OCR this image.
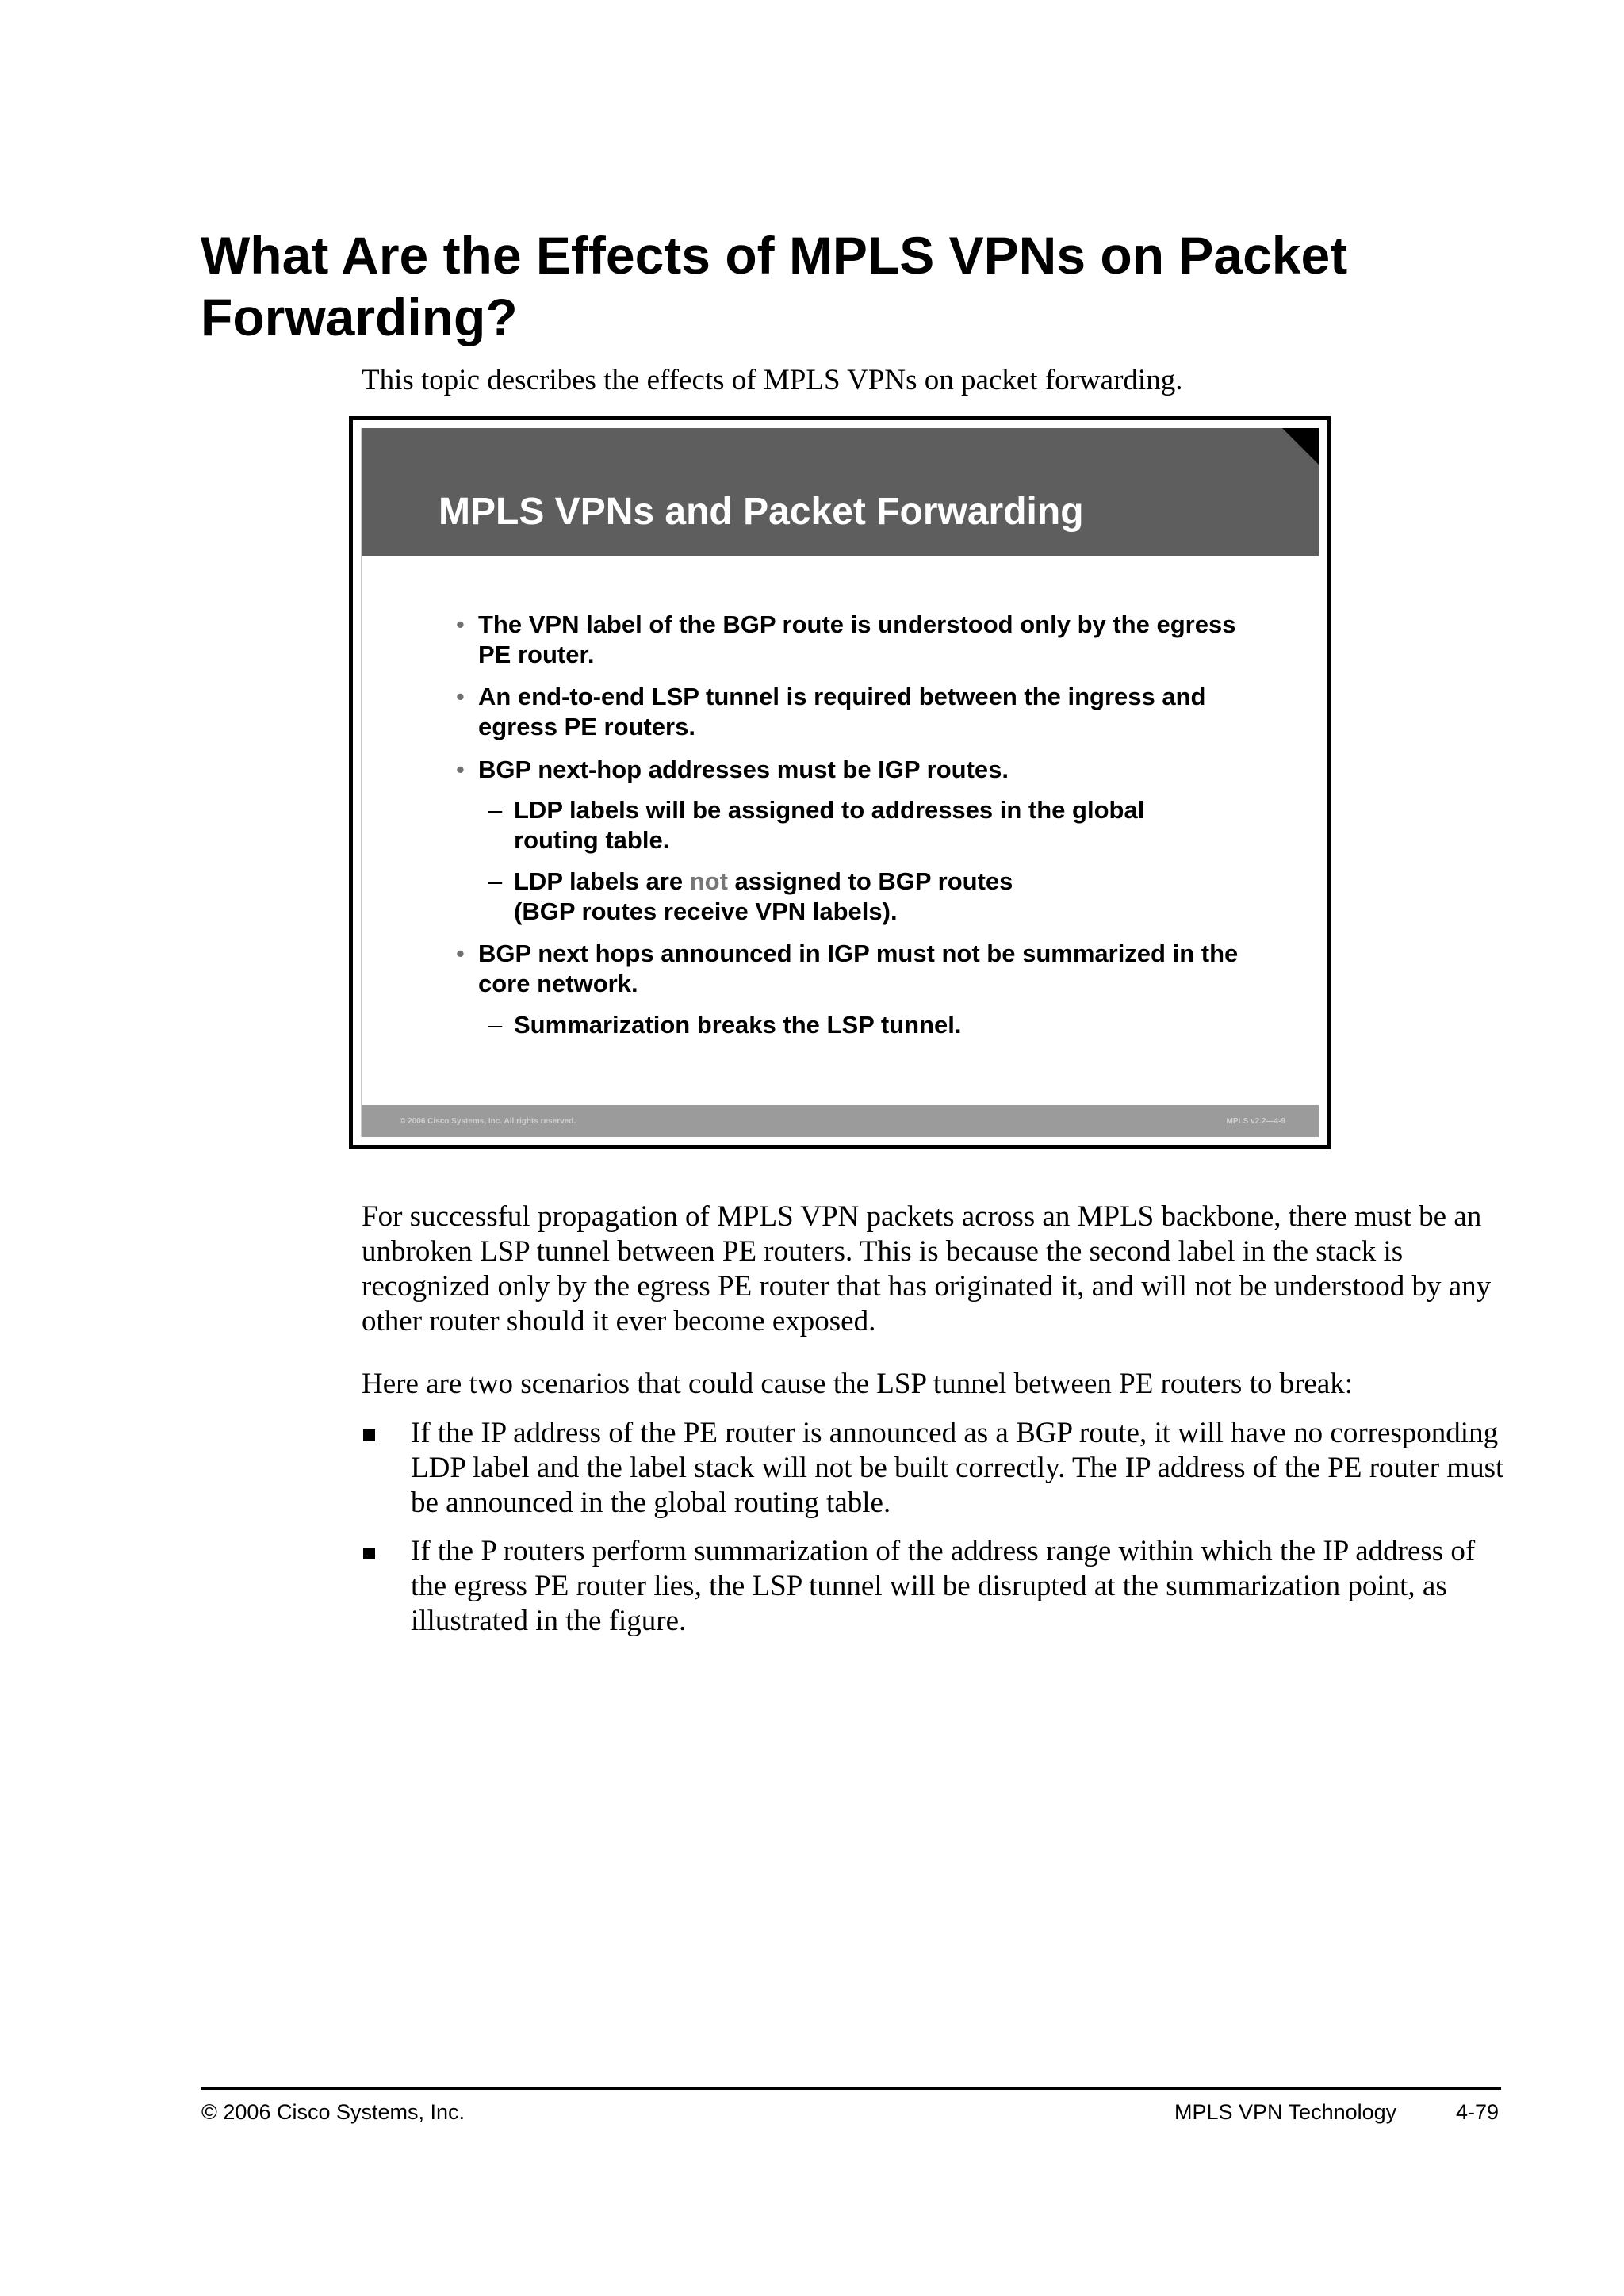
What Are the Effects of MPLS VPNs on Packet Forwarding?

This topic describes the effects of MPLS VPNs on packet forwarding.

MPLS VPNs and Packet Forwarding
• The VPN label of the BGP route is understood only by the egress PE router.
• An end-to-end LSP tunnel is required between the ingress and egress PE routers.
• BGP next-hop addresses must be IGP routes.
– LDP labels will be assigned to addresses in the global routing table.
– LDP labels are not assigned to BGP routes
(BGP routes receive VPN labels).
• BGP next hops announced in IGP must not be summarized in the core network.
– Summarization breaks the LSP tunnel.
© 2006 Cisco Systems, Inc. All rights reserved.	MPLS v2.2—4-9

For successful propagation of MPLS VPN packets across an MPLS backbone, there must be an unbroken LSP tunnel between PE routers. This is because the second label in the stack is recognized only by the egress PE router that has originated it, and will not be understood by any other router should it ever become exposed.

Here are two scenarios that could cause the LSP tunnel between PE routers to break:

If the IP address of the PE router is announced as a BGP route, it will have no corresponding LDP label and the label stack will not be built correctly. The IP address of the PE router must be announced in the global routing table.

If the P routers perform summarization of the address range within which the IP address of the egress PE router lies, the LSP tunnel will be disrupted at the summarization point, as illustrated in the figure.

© 2006 Cisco Systems, Inc.	MPLS VPN Technology	4-79
